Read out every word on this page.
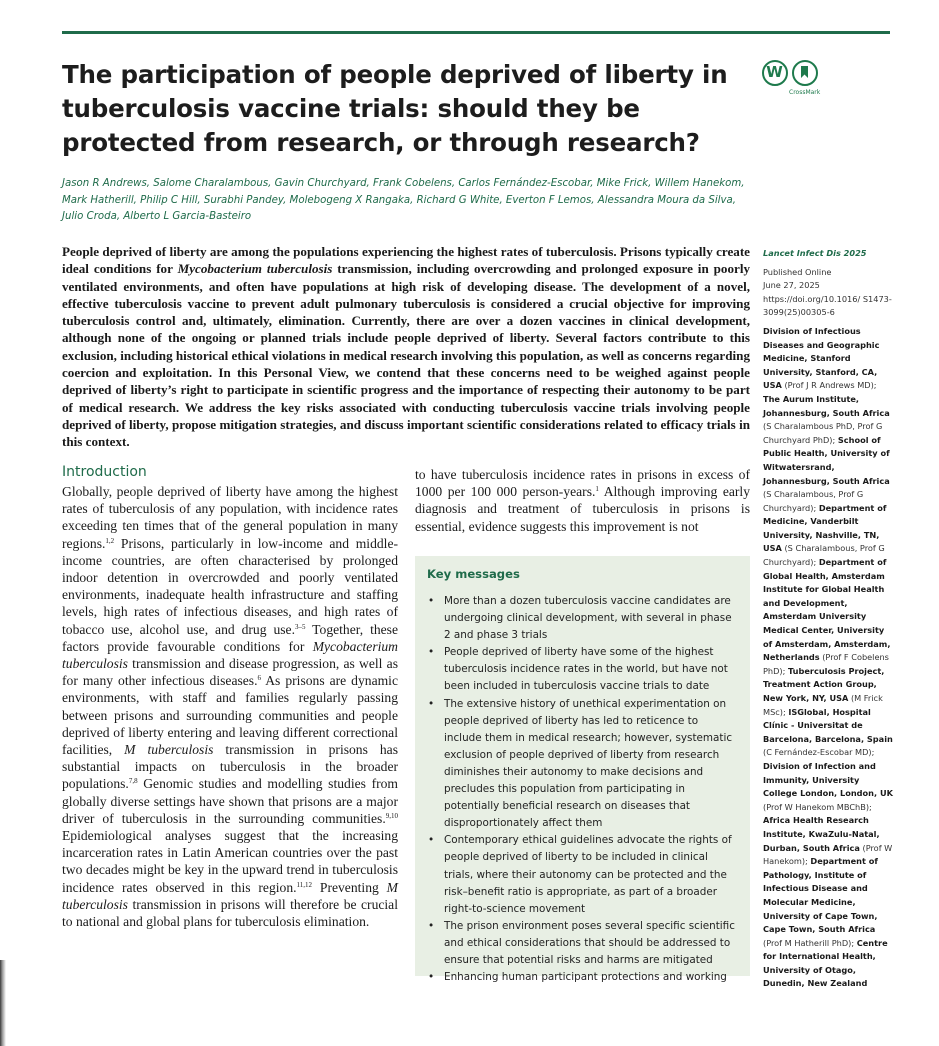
The participation of people deprived of liberty in tuberculosis vaccine trials: should they be protected from research, or through research?
W
CrossMark

Jason R Andrews, Salome Charalambous, Gavin Churchyard, Frank Cobelens, Carlos Fernández-Escobar, Mike Frick, Willem Hanekom, Mark Hatherill, Philip C Hill, Surabhi Pandey, Molebogeng X Rangaka, Richard G White, Everton F Lemos, Alessandra Moura da Silva, Julio Croda, Alberto L Garcia-Basteiro

People deprived of liberty are among the populations experiencing the highest rates of tuberculosis. Prisons typically create ideal conditions for Mycobacterium tuberculosis transmission, including overcrowding and prolonged exposure in poorly ventilated environments, and often have populations at high risk of developing disease. The development of a novel, effective tuberculosis vaccine to prevent adult pulmonary tuberculosis is considered a crucial objective for improving tuberculosis control and, ultimately, elimination. Currently, there are over a dozen vaccines in clinical development, although none of the ongoing or planned trials include people deprived of liberty. Several factors contribute to this exclusion, including historical ethical violations in medical research involving this population, as well as concerns regarding coercion and exploitation. In this Personal View, we contend that these concerns need to be weighed against people deprived of liberty’s right to participate in scientific progress and the importance of respecting their autonomy to be part of medical research. We address the key risks associated with conducting tuberculosis vaccine trials involving people deprived of liberty, propose mitigation strategies, and discuss important scientific considerations related to efficacy trials in this context.

Introduction

Globally, people deprived of liberty have among the highest rates of tuberculosis of any population, with incidence rates exceeding ten times that of the general population in many regions.$^{1,2}$ Prisons, particularly in low-income and middle-income countries, are often characterised by prolonged indoor detention in overcrowded and poorly ventilated environments, inadequate health infrastructure and staffing levels, high rates of infectious diseases, and high rates of tobacco use, alcohol use, and drug use.$^{3-5}$ Together, these factors provide favourable conditions for Mycobacterium tuberculosis transmission and disease progression, as well as for many other infectious diseases.$^6$ As prisons are dynamic environments, with staff and families regularly passing between prisons and surrounding communities and people deprived of liberty entering and leaving different correctional facilities, M tuberculosis transmission in prisons has substantial impacts on tuberculosis in the broader populations.$^{7,8}$ Genomic studies and modelling studies from globally diverse settings have shown that prisons are a major driver of tuberculosis in the surrounding communities.$^{9,10}$ Epidemiological analyses suggest that the increasing incarceration rates in Latin American countries over the past two decades might be key in the upward trend in tuberculosis incidence rates observed in this region.$^{11,12}$ Preventing M tuberculosis transmission in prisons will therefore be crucial to national and global plans for tuberculosis elimination.

to have tuberculosis incidence rates in prisons in excess of 1000 per 100 000 person-years.$^1$ Although improving early diagnosis and treatment of tuberculosis in prisons is essential, evidence suggests this improvement is not

Key messages
• More than a dozen tuberculosis vaccine candidates are undergoing clinical development, with several in phase 2 and phase 3 trials
• People deprived of liberty have some of the highest tuberculosis incidence rates in the world, but have not been included in tuberculosis vaccine trials to date
• The extensive history of unethical experimentation on people deprived of liberty has led to reticence to include them in medical research; however, systematic exclusion of people deprived of liberty from research diminishes their autonomy to make decisions and precludes this population from participating in potentially beneficial research on diseases that disproportionately affect them
• Contemporary ethical guidelines advocate the rights of people deprived of liberty to be included in clinical trials, where their autonomy can be protected and the risk–benefit ratio is appropriate, as part of a broader right-to-science movement
• The prison environment poses several specific scientific and ethical considerations that should be addressed to ensure that potential risks and harms are mitigated
• Enhancing human participant protections and working

Lancet Infect Dis 2025

Published Online

June 27, 2025

https://doi.org/10.1016/ S1473-3099(25)00305-6

Division of Infectious Diseases and Geographic Medicine, Stanford University, Stanford, CA, USA (Prof J R Andrews MD); The Aurum Institute, Johannesburg, South Africa (S Charalambous PhD, Prof G Churchyard PhD); School of Public Health, University of Witwatersrand, Johannesburg, South Africa (S Charalambous, Prof G Churchyard); Department of Medicine, Vanderbilt University, Nashville, TN, USA (S Charalambous, Prof G Churchyard); Department of Global Health, Amsterdam Institute for Global Health and Development, Amsterdam University Medical Center, University of Amsterdam, Amsterdam, Netherlands (Prof F Cobelens PhD); Tuberculosis Project, Treatment Action Group, New York, NY, USA (M Frick MSc); ISGlobal, Hospital Clínic - Universitat de Barcelona, Barcelona, Spain (C Fernández-Escobar MD); Division of Infection and Immunity, University College London, London, UK (Prof W Hanekom MBChB); Africa Health Research Institute, KwaZulu-Natal, Durban, South Africa (Prof W Hanekom); Department of Pathology, Institute of Infectious Disease and Molecular Medicine, University of Cape Town, Cape Town, South Africa (Prof M Hatherill PhD); Centre for International Health, University of Otago, Dunedin, New Zealand
